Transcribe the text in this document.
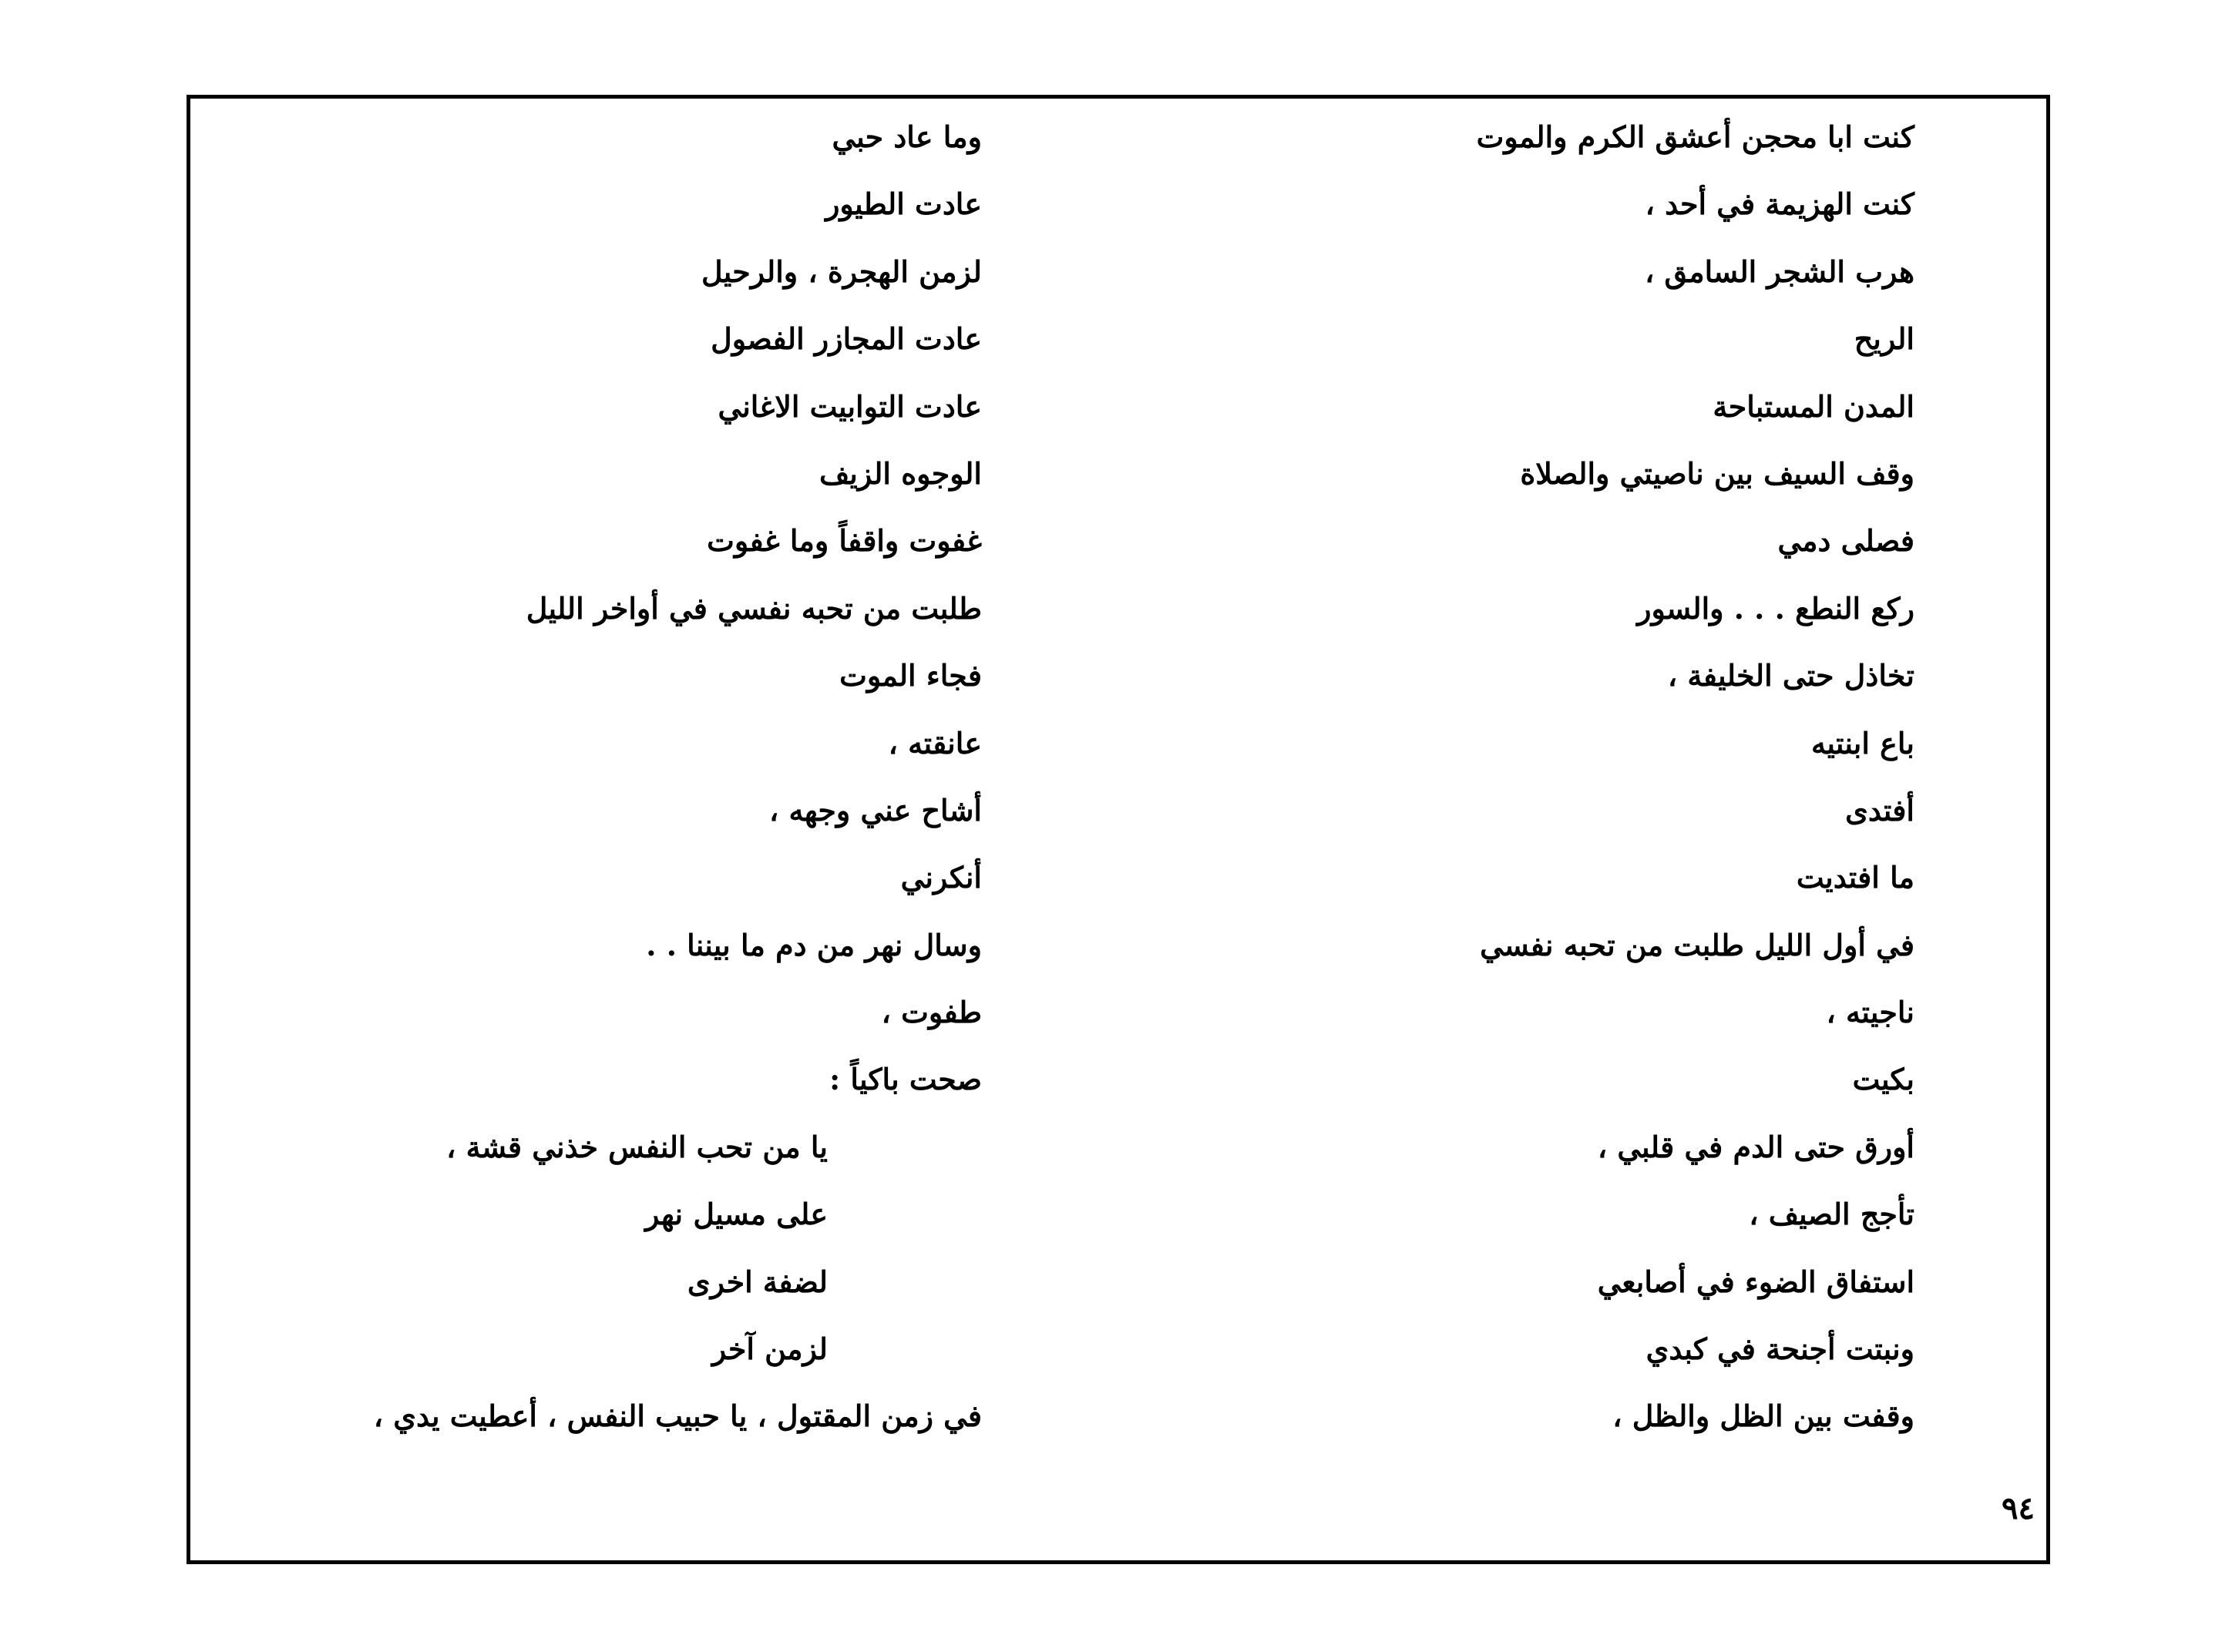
كنت ابا محجن أعشق الكرم والموت
كنت الهزيمة في أحد ،
هرب الشجر السامق ،
الريح
المدن المستباحة
وقف السيف بين ناصيتي والصلاة
فصلى دمي
ركع النطع . . . والسور
تخاذل حتى الخليفة ،
باع ابنتيه
أفتدى
ما افتديت
في أول الليل طلبت من تحبه نفسي
ناجيته ،
بكيت
أورق حتى الدم في قلبي ،
تأجج الصيف ،
استفاق الضوء في أصابعي
ونبتت أجنحة في كبدي
وقفت بين الظل والظل ،
وما عاد حبي
عادت الطيور
لزمن الهجرة ، والرحيل
عادت المجازر الفصول
عادت التوابيت الاغاني
الوجوه الزيف
غفوت واقفاً وما غفوت
طلبت من تحبه نفسي في أواخر الليل
فجاء الموت
عانقته ،
أشاح عني وجهه ،
أنكرني
وسال نهر من دم ما بيننا . .
طفوت ،
صحت باكياً :
يا من تحب النفس خذني قشة ،
على مسيل نهر
لضفة اخرى
لزمن آخر
في زمن المقتول ، يا حبيب النفس ، أعطيت يدي ،
٩٤
